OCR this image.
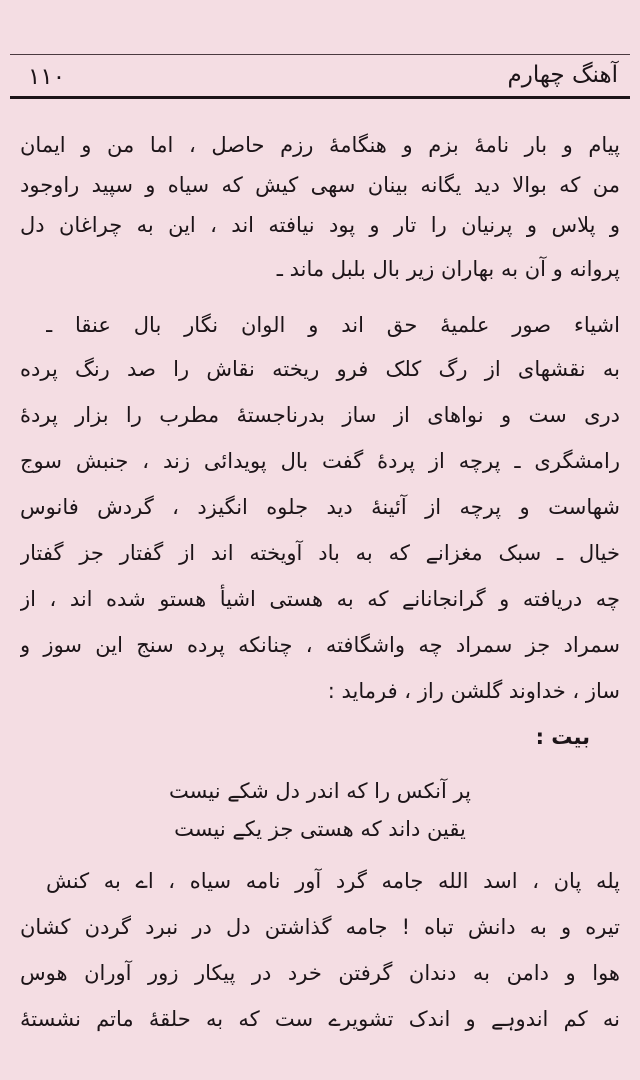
آهنگ چهارم
۱۱۰
پیام و بار نامهٔ بزم و هنگامهٔ رزم حاصل ، اما من و ایمان
من که بوالا دید یگانه بینان سهی کیش که سیاه و سپید راوجود
و پلاس و پرنیان را تار و پود نیافته اند ، این به چراغان دل
پروانه و آن به بهاران زیر بال بلبل ماند ـ
اشیاء صور علمیهٔ حق اند و الوان نگار بال عنقا ـ
به نقشهای از رگ کلک فرو ریخته نقاش را صد رنگ پرده
دری ست و نواهای از ساز بدرناجستهٔ مطرب را بزار پردهٔ
رامشگری ـ پرچه از پردهٔ گفت بال پویدائی زند ، جنبش سوج
شهاست و پرچه از آئینهٔ دید جلوه انگیزد ، گردش فانوس
خیال ـ سبک مغزانے که به باد آویخته اند از گفتار جز گفتار
چه دریافته و گرانجانانے که به هستی اشیأ هستو شده اند ، از
سمراد جز سمراد چه واشگافته ، چنانکه پرده سنج این سوز و
ساز ، خداوند گلشن راز ، فرماید :
بیت :
پر آنکس را که اندر دل شکے نیست
یقین داند که هستی جز یکے نیست
پله پان ، اسد الله جامه گرد آور نامه سیاه ، اے به کنش
تیره و به دانش تباه ! جامه گذاشتن دل در نبرد گردن کشان
هوا و دامن به دندان گرفتن خرد در پیکار زور آوران هوس
نه کم اندوہے و اندک تشویرے ست که به حلقهٔ ماتم نشستهٔ
